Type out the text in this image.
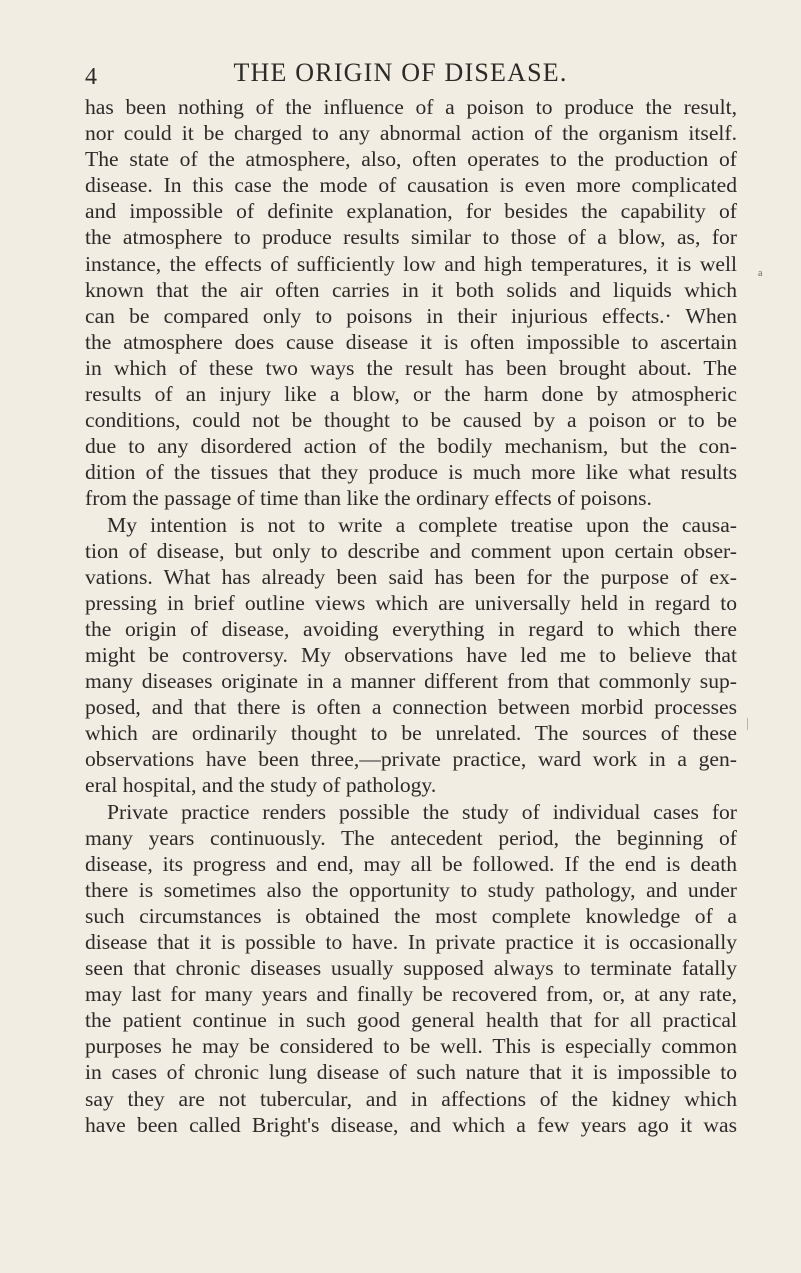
4	THE ORIGIN OF DISEASE.
a
has been nothing of the influence of a poison to produce the result,
nor could it be charged to any abnormal action of the organism itself.
The state of the atmosphere, also, often operates to the production of
disease. In this case the mode of causation is even more complicated
and impossible of definite explanation, for besides the capability of
the atmosphere to produce results similar to those of a blow, as, for
instance, the effects of sufficiently low and high temperatures, it is well
known that the air often carries in it both solids and liquids which
can be compared only to poisons in their injurious effects.· When
the atmosphere does cause disease it is often impossible to ascertain
in which of these two ways the result has been brought about. The
results of an injury like a blow, or the harm done by atmospheric
conditions, could not be thought to be caused by a poison or to be
due to any disordered action of the bodily mechanism, but the con-
dition of the tissues that they produce is much more like what results
from the passage of time than like the ordinary effects of poisons.
My intention is not to write a complete treatise upon the causa-
tion of disease, but only to describe and comment upon certain obser-
vations. What has already been said has been for the purpose of ex-
pressing in brief outline views which are universally held in regard to
the origin of disease, avoiding everything in regard to which there
might be controversy. My observations have led me to believe that
many diseases originate in a manner different from that commonly sup-
posed, and that there is often a connection between morbid processes
which are ordinarily thought to be unrelated. The sources of these
observations have been three,—private practice, ward work in a gen-
eral hospital, and the study of pathology.
Private practice renders possible the study of individual cases for
many years continuously. The antecedent period, the beginning of
disease, its progress and end, may all be followed. If the end is death
there is sometimes also the opportunity to study pathology, and under
such circumstances is obtained the most complete knowledge of a
disease that it is possible to have. In private practice it is occasionally
seen that chronic diseases usually supposed always to terminate fatally
may last for many years and finally be recovered from, or, at any rate,
the patient continue in such good general health that for all practical
purposes he may be considered to be well. This is especially common
in cases of chronic lung disease of such nature that it is impossible to
say they are not tubercular, and in affections of the kidney which
have been called Bright's disease, and which a few years ago it was
